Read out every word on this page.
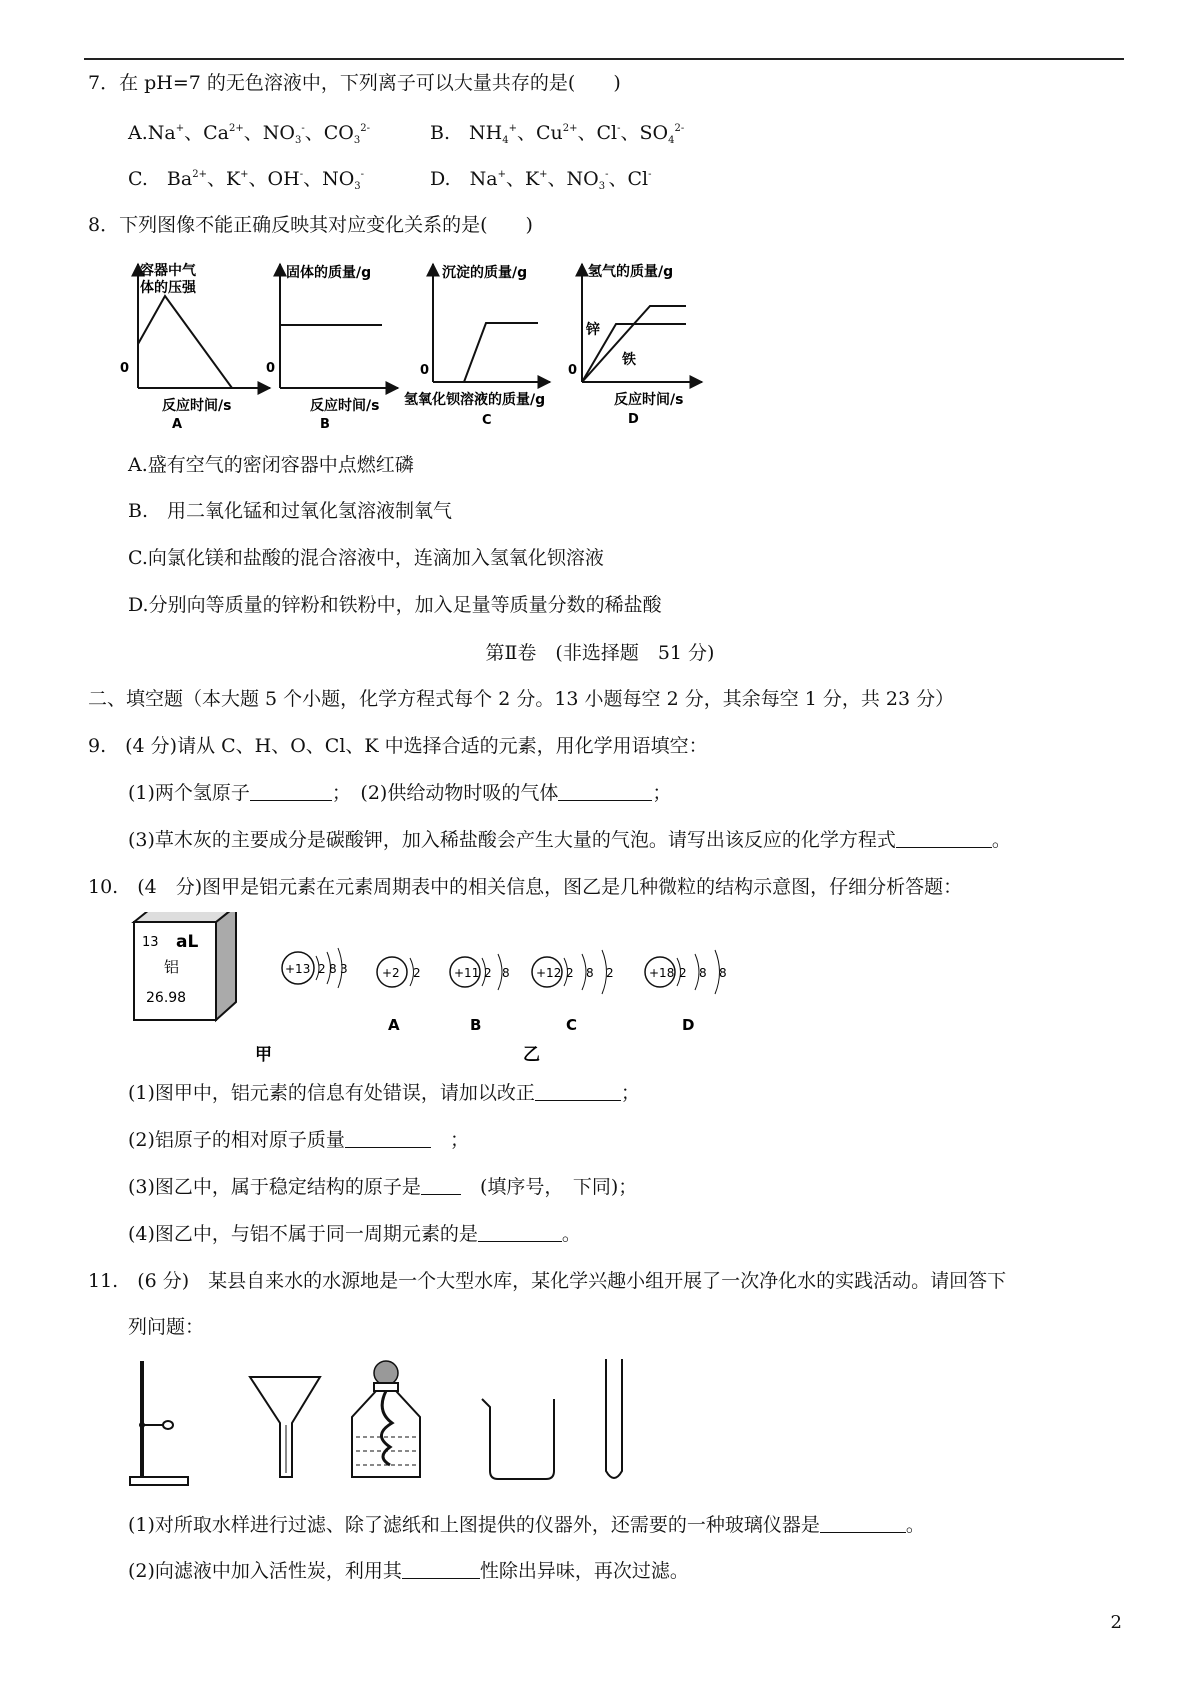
7．在 pH=7 的无色溶液中，下列离子可以大量共存的是(　　)
A.Na+、$Ca^{2+}$、$NO_3^-$、$CO_3^{2-}$	B.　$NH_4^+$、$Cu^{2+}$、Cl-、$SO_4^{2-}$
C.　$Ba^{2+}$、K+、OH-、$NO_3^-$	D.　Na+、K+、$NO_3^-$、Cl-
8．下列图像不能正确反映其对应变化关系的是(　　)
容器中气
体的压强
0
反应时间/s
A
固体的质量/g
0
反应时间/s
B
沉淀的质量/g
0
氢氧化钡溶液的质量/g
C
氢气的质量/g
锌
铁
0
反应时间/s
D
A.盛有空气的密闭容器中点燃红磷
B.　用二氧化锰和过氧化氢溶液制氧气
C.向氯化镁和盐酸的混合溶液中，连滴加入氢氧化钡溶液
D.分别向等质量的锌粉和铁粉中，加入足量等质量分数的稀盐酸
第Ⅱ卷　(非选择题　51 分)
二、填空题（本大题 5 个小题，化学方程式每个 2 分。13 小题每空 2 分，其余每空 1 分，共 23 分）
9.　(4 分)请从 C、H、O、Cl、K 中选择合适的元素，用化学用语填空：
(1)两个氢原子	；　(2)供给动物时吸的气体	；
(3)草木灰的主要成分是碳酸钾，加入稀盐酸会产生大量的气泡。请写出该反应的化学方程式	。
10.　(4　分)图甲是铝元素在元素周期表中的相关信息，图乙是几种微粒的结构示意图，仔细分析答题：
13 aL
铝
26.98
甲
+13 2 8 3	+2 2
A
+11 2 8
B
+12 2 8 2
C
+18 2 8 8
D
乙
(1)图甲中，铝元素的信息有处错误，请加以改正	；
(2)铝原子的相对原子质量　	；
(3)图乙中，属于稳定结构的原子是　	(填序号，　下同)；
(4)图乙中，与铝不属于同一周期元素的是	。
11.　(6 分)　某县自来水的水源地是一个大型水库，某化学兴趣小组开展了一次净化水的实践活动。请回答下
列问题：
(1)对所取水样进行过滤、除了滤纸和上图提供的仪器外，还需要的一种玻璃仪器是	。
(2)向滤液中加入活性炭，利用其	性除出异味，再次过滤。
2
